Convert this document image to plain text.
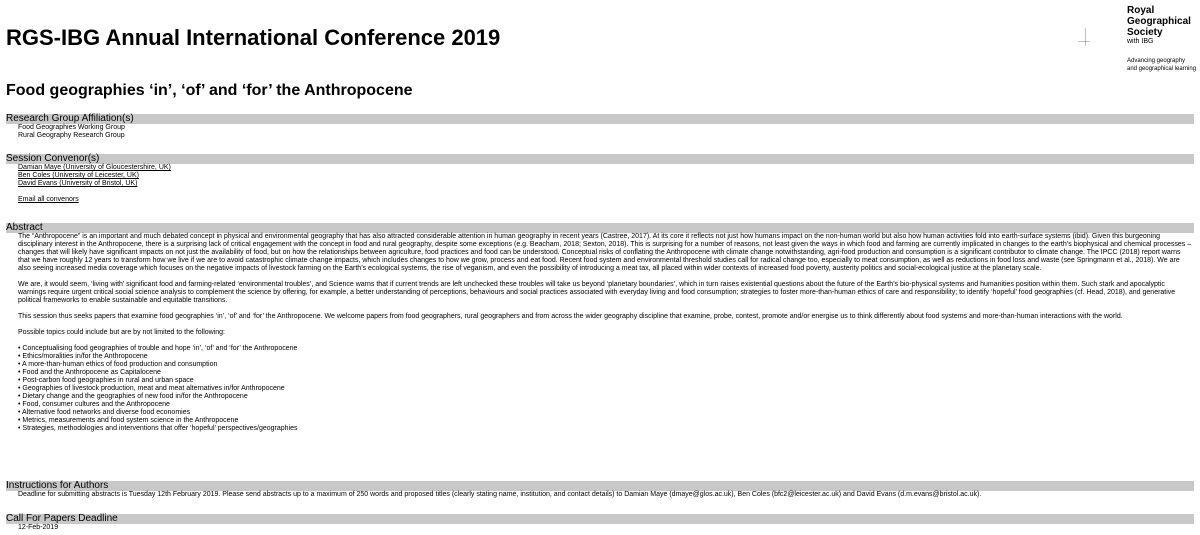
RGS-IBG Annual International Conference 2019
Royal
Geographical
Society
with IBG
Advancing geography
and geographical learning
Food geographies ‘in’, ‘of’ and ‘for’ the Anthropocene
Research Group Affiliation(s)
Food Geographies Working Group
Rural Geography Research Group
Session Convenor(s)
Damian Maye (University of Gloucestershire, UK)
Ben Coles (University of Leicester, UK)
David Evans (University of Bristol, UK)
Email all convenors
Abstract

The “Anthropocene” is an important and much debated concept in physical and environmental geography that has also attracted considerable attention in human geography in recent years (Castree, 2017). At its core it reflects not just how humans impact on the non-human world but also how human activities fold into earth-surface systems (ibid). Given this burgeoning disciplinary interest in the Anthropocene, there is a surprising lack of critical engagement with the concept in food and rural geography, despite some exceptions (e.g. Beacham, 2018; Sexton, 2018). This is surprising for a number of reasons, not least given the ways in which food and farming are currently implicated in changes to the earth’s biophysical and chemical processes – changes that will likely have significant impacts on not just the availability of food, but on how the relationships between agriculture, food practices and food can be understood. Conceptual risks of conflating the Anthropocene with climate change notwithstanding, agri-food production and consumption is a significant contributor to climate change. The IPCC (2018) report warns that we have roughly 12 years to transform how we live if we are to avoid catastrophic climate change impacts, which includes changes to how we grow, process and eat food. Recent food system and environmental threshold studies call for radical change too, especially to meat consumption, as well as reductions in food loss and waste (see Springmann et al., 2018). We are also seeing increased media coverage which focuses on the negative impacts of livestock farming on the Earth’s ecological systems, the rise of veganism, and even the possibility of introducing a meat tax, all placed within wider contexts of increased food poverty, austerity politics and social-ecological justice at the planetary scale.

We are, it would seem, ‘living with’ significant food and farming-related ‘environmental troubles’, and Science warns that if current trends are left unchecked these troubles will take us beyond ‘planetary boundaries’, which in turn raises existential questions about the future of the Earth’s bio-physical systems and humanities position within them. Such stark and apocalyptic warnings require urgent critical social science analysis to complement the science by offering, for example, a better understanding of perceptions, behaviours and social practices associated with everyday living and food consumption; strategies to foster more-than-human ethics of care and responsibility; to identify ‘hopeful’ food geographies (cf. Head, 2018), and generative political frameworks to enable sustainable and equitable transitions.

This session thus seeks papers that examine food geographies ‘in’, ‘of’ and ‘for’ the Anthropocene. We welcome papers from food geographers, rural geographers and from across the wider geography discipline that examine, probe, contest, promote and/or energise us to think differently about food systems and more-than-human interactions with the world.

Possible topics could include but are by not limited to the following:

• Conceptualising food geographies of trouble and hope ‘in’, ‘of’ and ‘for’ the Anthropocene
• Ethics/moralities in/for the Anthropocene
• A more-than-human ethics of food production and consumption
• Food and the Anthropocene as Capitalocene
• Post-carbon food geographies in rural and urban space
• Geographies of livestock production, meat and meat alternatives in/for Anthropocene
• Dietary change and the geographies of new food in/for the Anthropocene
• Food, consumer cultures and the Anthropocene
• Alternative food networks and diverse food economies
• Metrics, measurements and food system science in the Anthropocene
• Strategies, methodologies and interventions that offer ‘hopeful’ perspectives/geographies
Instructions for Authors
Deadline for submitting abstracts is Tuesday 12th February 2019. Please send abstracts up to a maximum of 250 words and proposed titles (clearly stating name, institution, and contact details) to Damian Maye (dmaye@glos.ac.uk), Ben Coles (bfc2@leicester.ac.uk) and David Evans (d.m.evans@bristol.ac.uk).
Call For Papers Deadline
12-Feb-2019
